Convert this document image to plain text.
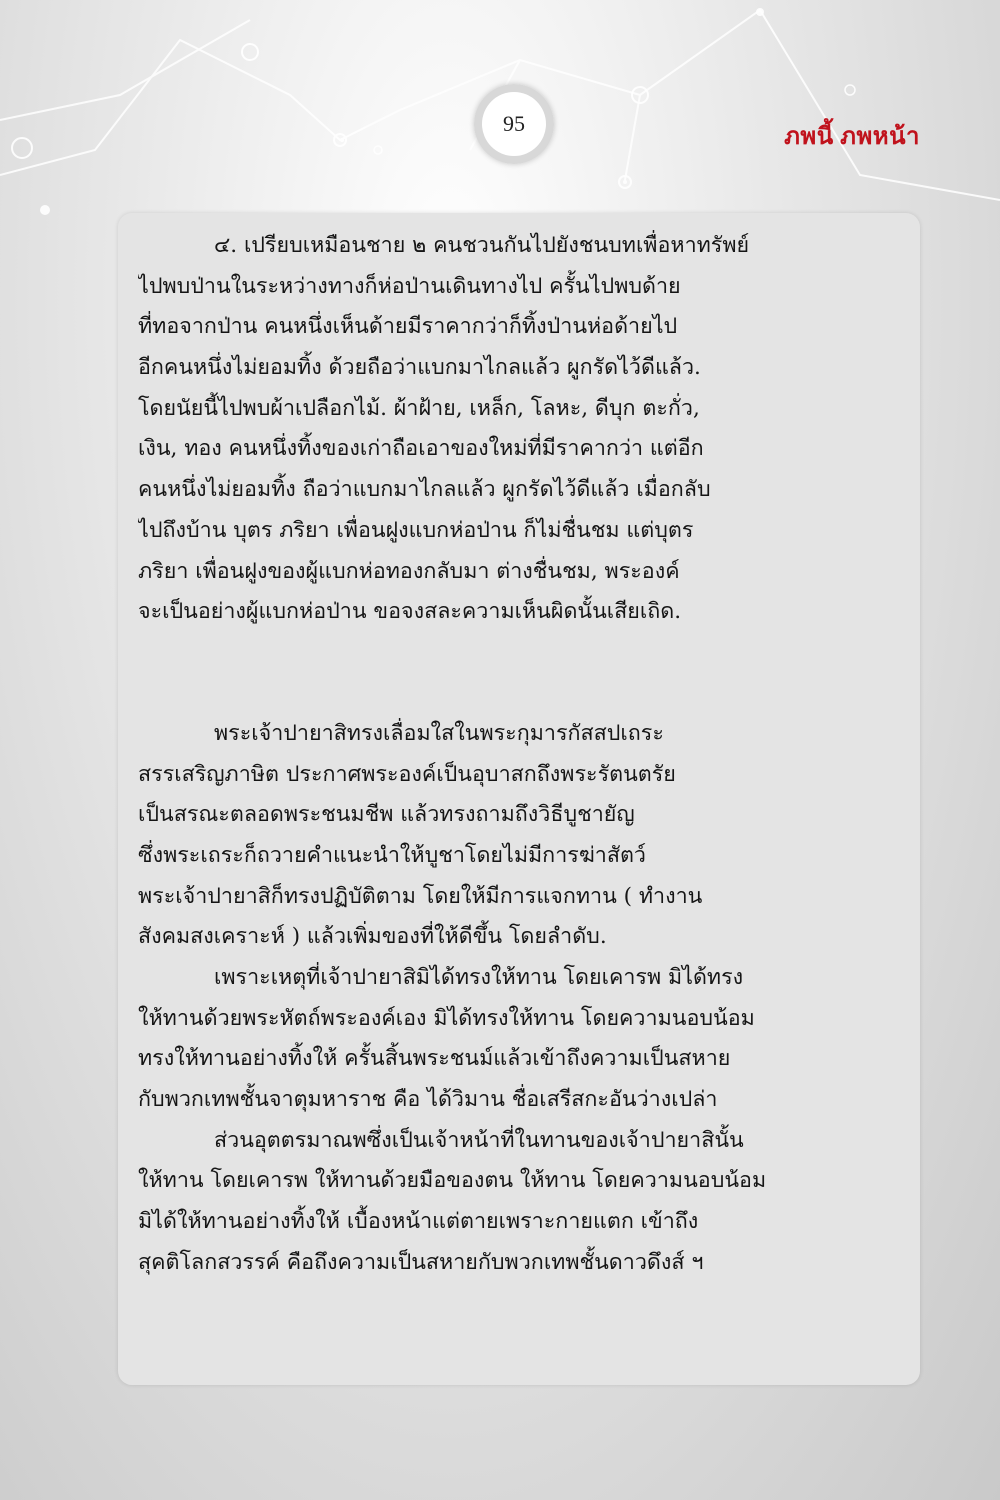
95
ภพนี้ ภพหน้า
๔. เปรียบเหมือนชาย ๒ คนชวนกันไปยังชนบทเพื่อหาทรัพย์
ไปพบป่านในระหว่างทางก็ห่อป่านเดินทางไป ครั้นไปพบด้าย
ที่ทอจากป่าน คนหนึ่งเห็นด้ายมีราคากว่าก็ทิ้งป่านห่อด้ายไป
อีกคนหนึ่งไม่ยอมทิ้ง ด้วยถือว่าแบกมาไกลแล้ว ผูกรัดไว้ดีแล้ว.
โดยนัยนี้ไปพบผ้าเปลือกไม้. ผ้าฝ้าย, เหล็ก, โลหะ, ดีบุก ตะกั่ว,
เงิน, ทอง คนหนึ่งทิ้งของเก่าถือเอาของใหม่ที่มีราคากว่า แต่อีก
คนหนึ่งไม่ยอมทิ้ง ถือว่าแบกมาไกลแล้ว ผูกรัดไว้ดีแล้ว เมื่อกลับ
ไปถึงบ้าน บุตร ภริยา เพื่อนฝูงแบกห่อป่าน ก็ไม่ชื่นชม แต่บุตร
ภริยา เพื่อนฝูงของผู้แบกห่อทองกลับมา ต่างชื่นชม, พระองค์
จะเป็นอย่างผู้แบกห่อป่าน ขอจงสละความเห็นผิดนั้นเสียเถิด.
พระเจ้าปายาสิทรงเลื่อมใสในพระกุมารกัสสปเถระ
สรรเสริญภาษิต ประกาศพระองค์เป็นอุบาสกถึงพระรัตนตรัย
เป็นสรณะตลอดพระชนมชีพ แล้วทรงถามถึงวิธีบูชายัญ
ซึ่งพระเถระก็ถวายคำแนะนำให้บูชาโดยไม่มีการฆ่าสัตว์
พระเจ้าปายาสิก็ทรงปฏิบัติตาม โดยให้มีการแจกทาน ( ทำงาน
สังคมสงเคราะห์ ) แล้วเพิ่มของที่ให้ดีขึ้น โดยลำดับ.
เพราะเหตุที่เจ้าปายาสิมิได้ทรงให้ทาน โดยเคารพ มิได้ทรง
ให้ทานด้วยพระหัตถ์พระองค์เอง มิได้ทรงให้ทาน โดยความนอบน้อม
ทรงให้ทานอย่างทิ้งให้ ครั้นสิ้นพระชนม์แล้วเข้าถึงความเป็นสหาย
กับพวกเทพชั้นจาตุมหาราช คือ ได้วิมาน ชื่อเสรีสกะอันว่างเปล่า
ส่วนอุตตรมาณพซึ่งเป็นเจ้าหน้าที่ในทานของเจ้าปายาสินั้น
ให้ทาน โดยเคารพ ให้ทานด้วยมือของตน ให้ทาน โดยความนอบน้อม
มิได้ให้ทานอย่างทิ้งให้ เบื้องหน้าแต่ตายเพราะกายแตก เข้าถึง
สุคติโลกสวรรค์ คือถึงความเป็นสหายกับพวกเทพชั้นดาวดึงส์ ฯ
